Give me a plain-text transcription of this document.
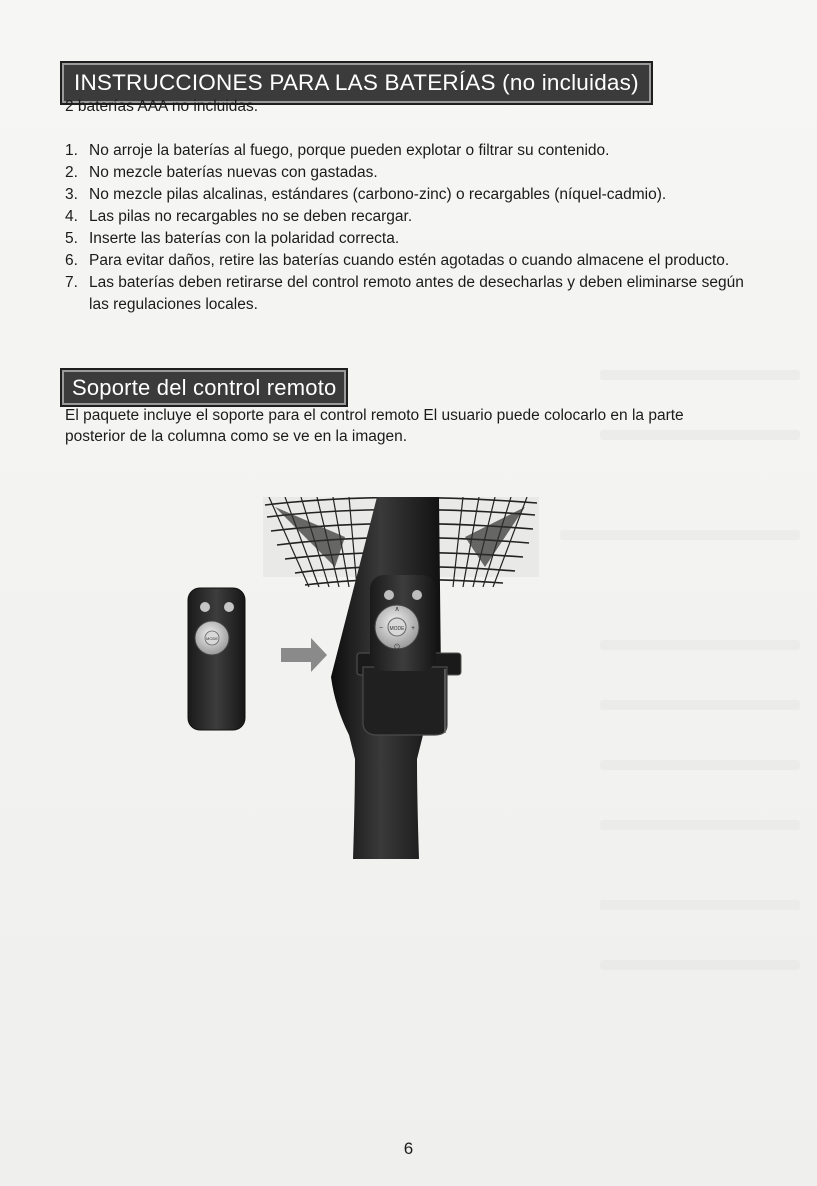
INSTRUCCIONES PARA LAS BATERÍAS (no incluidas)

2 baterías AAA no incluidas.

1. No arroje la baterías al fuego, porque pueden explotar o filtrar su contenido.
2. No mezcle baterías nuevas con gastadas.
3. No mezcle pilas alcalinas, estándares (carbono-zinc) o recargables (níquel-cadmio).
4. Las pilas no recargables no se deben recargar.
5. Inserte las baterías con la polaridad correcta.
6. Para evitar daños, retire las baterías cuando estén agotadas o cuando almacene el producto.
7. Las baterías deben retirarse del control remoto antes de desecharlas y deben eliminarse según las regulaciones locales.
Soporte del control remoto

El paquete incluye el soporte para el control remoto El usuario puede colocarlo en la parte posterior de la columna como se ve en la imagen.

MODE
∧
⏻
−	+
MODE
6
